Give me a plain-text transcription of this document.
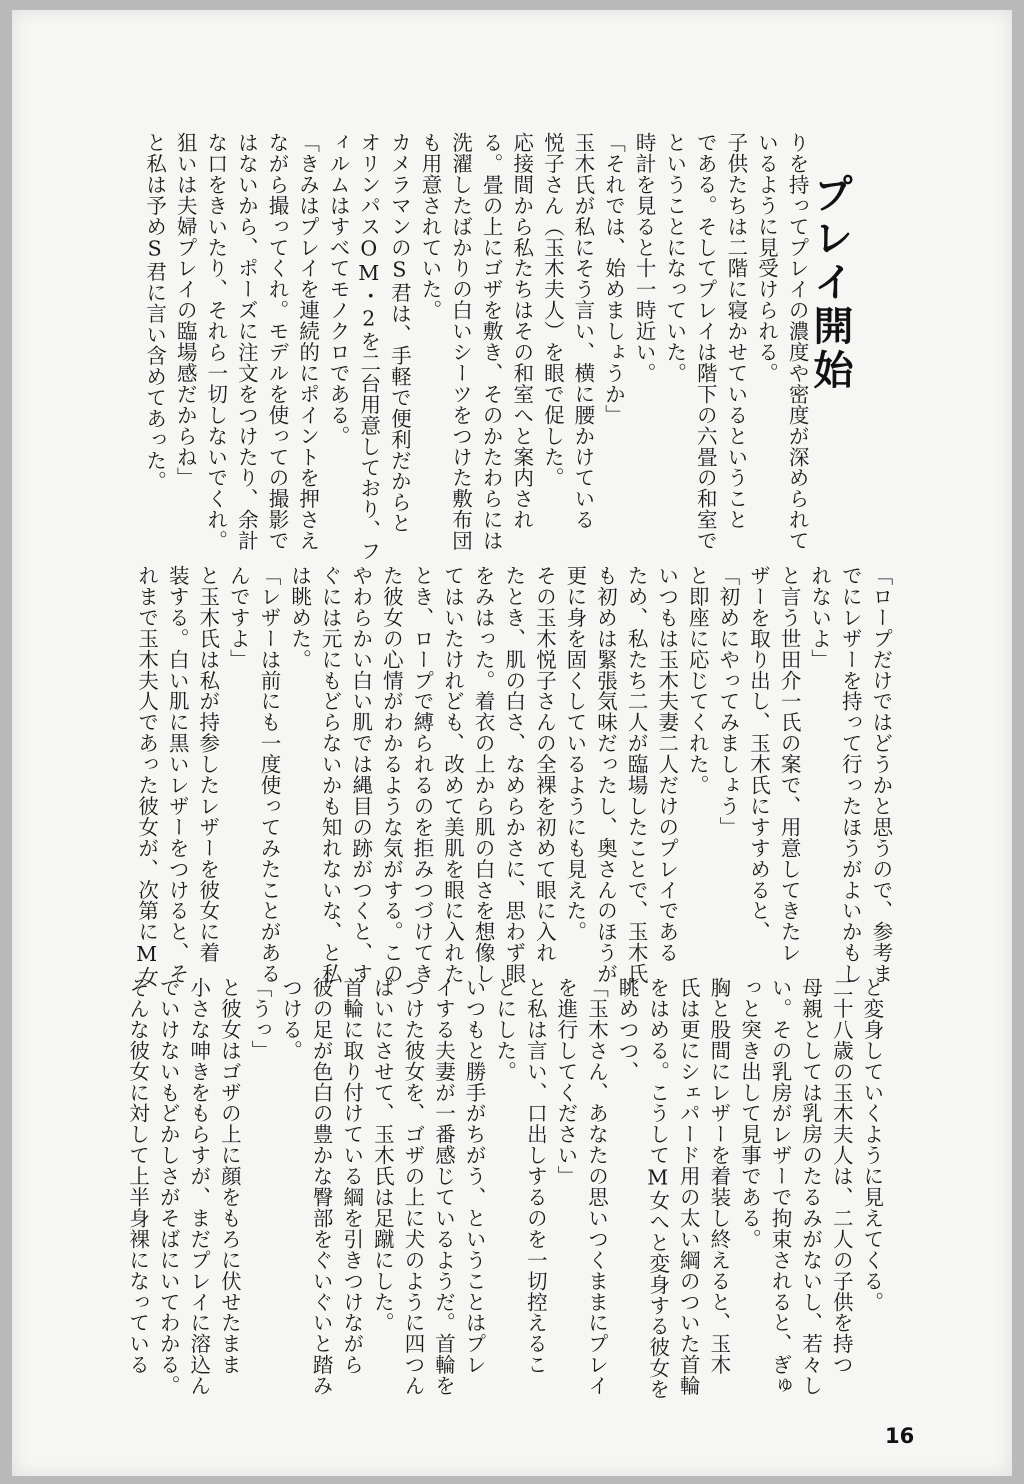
りを持ってプレイの濃度や密度が深められて

いるように見受けられる。

子供たちは二階に寝かせているということ

である。そしてプレイは階下の六畳の和室で

ということになっていた。

時計を見ると十一時近い。

「それでは、始めましょうか」

玉木氏が私にそう言い、横に腰かけている

悦子さん（玉木夫人）を眼で促した。

応接間から私たちはその和室へと案内され

る。畳の上にゴザを敷き、そのかたわらには

洗濯したばかりの白いシーツをつけた敷布団

も用意されていた。

カメラマンのS君は、手軽で便利だからと

オリンパスOM・2を二台用意しており、フ

ィルムはすべてモノクロである。

「きみはプレイを連続的にポイントを押さえ

ながら撮ってくれ。モデルを使っての撮影で

はないから、ポーズに注文をつけたり、余計

な口をきいたり、それら一切しないでくれ。

狙いは夫婦プレイの臨場感だからね」

と私は予めS君に言い含めてあった。	プレイ開始

「ロープだけではどうかと思うので、参考ま

でにレザーを持って行ったほうがよいかもし

れないよ」

と言う世田介一氏の案で、用意してきたレ

ザーを取り出し、玉木氏にすすめると、

「初めにやってみましょう」

と即座に応じてくれた。

いつもは玉木夫妻二人だけのプレイである

ため、私たち二人が臨場したことで、玉木氏

も初めは緊張気味だったし、奥さんのほうが

更に身を固くしているようにも見えた。

その玉木悦子さんの全裸を初めて眼に入れ

たとき、肌の白さ、なめらかさに、思わず眼

をみはった。着衣の上から肌の白さを想像し

てはいたけれども、改めて美肌を眼に入れた

とき、ロープで縛られるのを拒みつづけてき

た彼女の心情がわかるような気がする。この

やわらかい白い肌では縄目の跡がつくと、す

ぐには元にもどらないかも知れないな、と私

は眺めた。

「レザーは前にも一度使ってみたことがある

んですよ」

と玉木氏は私が持参したレザーを彼女に着

装する。白い肌に黒いレザーをつけると、そ

れまで玉木夫人であった彼女が、次第にM女

と変身していくように見えてくる。

二十八歳の玉木夫人は、二人の子供を持つ

母親としては乳房のたるみがないし、若々し

い。その乳房がレザーで拘束されると、ぎゅ

っと突き出して見事である。

胸と股間にレザーを着装し終えると、玉木

氏は更にシェパード用の太い綱のついた首輪

をはめる。こうしてM女へと変身する彼女を

眺めつつ、

「玉木さん、あなたの思いつくままにプレイ

を進行してください」

と私は言い、口出しするのを一切控えるこ

とにした。

いつもと勝手がちがう、ということはプレ

イする夫妻が一番感じているようだ。首輪を

つけた彼女を、ゴザの上に犬のように四つん

ばいにさせて、玉木氏は足蹴にした。

首輪に取り付けている綱を引きつけながら

彼の足が色白の豊かな臀部をぐいぐいと踏み

つける。

「うっ」

と彼女はゴザの上に顔をもろに伏せたまま

小さな呻きをもらすが、まだプレイに溶込ん

でいけないもどかしさがそばにいてわかる。

そんな彼女に対して上半身裸になっている

16
